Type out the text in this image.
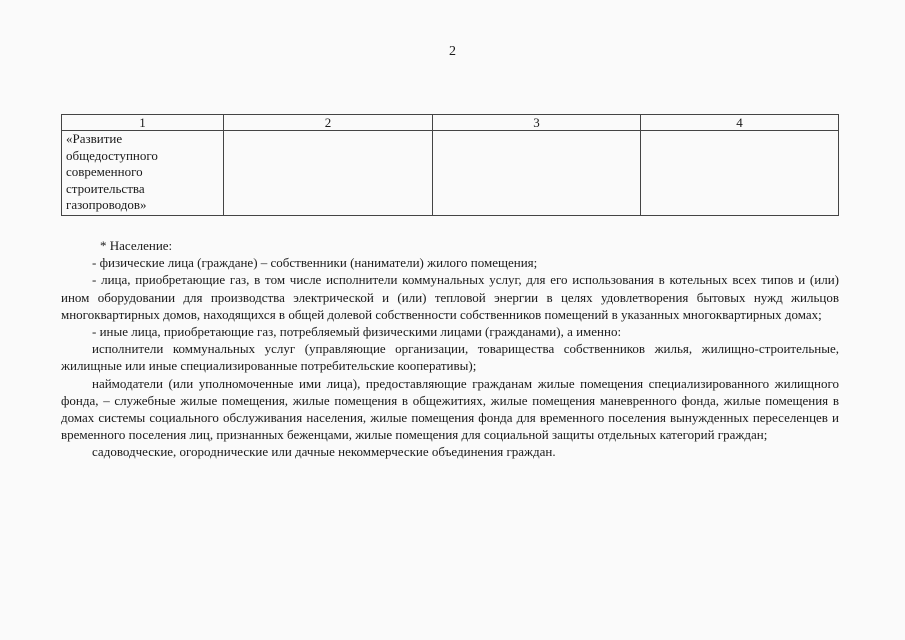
2
1	2	3	4

«Развитие
общедоступного
современного
строительства
газопроводов»			

* Население:

- физические лица (граждане) – собственники (наниматели) жилого помещения;

- лица, приобретающие газ, в том числе исполнители коммунальных услуг, для его использования в котельных всех типов и (или) ином оборудовании для производства электрической и (или) тепловой энергии в целях удовлетворения бытовых нужд жильцов многоквартирных домов, находящихся в общей долевой собственности собственников помещений в указанных многоквартирных домах;

- иные лица, приобретающие газ, потребляемый физическими лицами (гражданами), а именно:

исполнители коммунальных услуг (управляющие организации, товарищества собственников жилья, жилищно-строительные, жилищные или иные специализированные потребительские кооперативы);

наймодатели (или уполномоченные ими лица), предоставляющие гражданам жилые помещения специализированного жилищного фонда, – служебные жилые помещения, жилые помещения в общежитиях, жилые помещения маневренного фонда, жилые помещения в домах системы социального обслуживания населения, жилые помещения фонда для временного поселения вынужденных переселенцев и временного поселения лиц, признанных беженцами, жилые помещения для социальной защиты отдельных категорий граждан;

садоводческие, огороднические или дачные некоммерческие объединения граждан.
